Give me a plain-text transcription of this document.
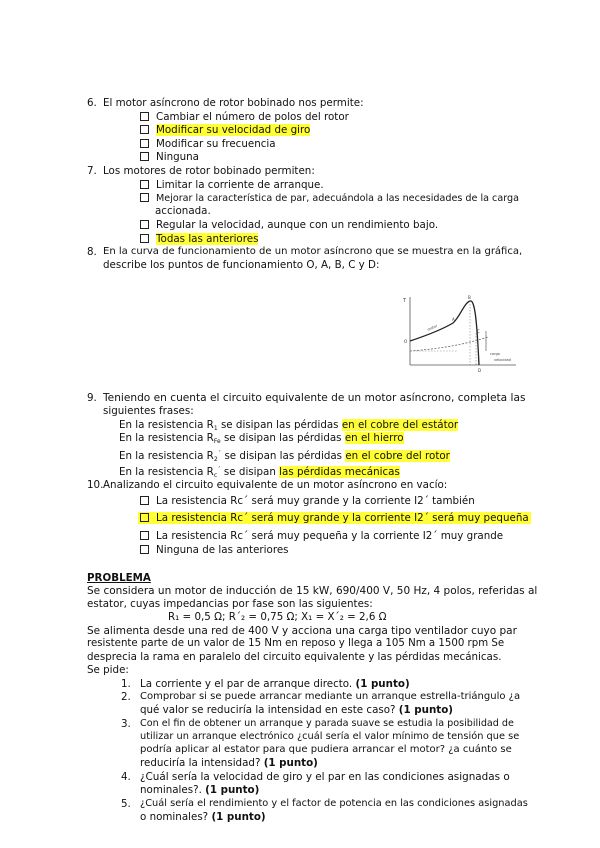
6. El motor asíncrono de rotor bobinado nos permite:
Cambiar el número de polos del rotor
Modificar su velocidad de giro
Modificar su frecuencia
Ninguna
7. Los motores de rotor bobinado permiten:
Limitar la corriente de arranque.
Mejorar la característica de par, adecuándola a las necesidades de la carga
accionada.
Regular la velocidad, aunque con un rendimiento bajo.
Todas las anteriores
8. En la curva de funcionamiento de un motor asíncrono que se muestra en la gráfica,
describe los puntos de funcionamiento O, A, B, C y D:
T
velocidad
motor
carga
O
A
B
C
D
9. Teniendo en cuenta el circuito equivalente de un motor asíncrono, completa las
siguientes frases:
En la resistencia $R_1$ se disipan las pérdidas en el cobre del estátor
En la resistencia $R_{Fe}$ se disipan las pérdidas en el hierro
En la resistencia $R_2^´$ se disipan las pérdidas en el cobre del rotor
En la resistencia $R_c^´$ se disipan las pérdidas mecánicas
10. Analizando el circuito equivalente de un motor asíncrono en vacío:
La resistencia Rc´ será muy grande y la corriente I2´ también
La resistencia Rc´ será muy grande y la corriente I2´ será muy pequeña
La resistencia Rc´ será muy pequeña y la corriente I2´ muy grande
Ninguna de las anteriores
PROBLEMA
Se considera un motor de inducción de 15 kW, 690/400 V, 50 Hz, 4 polos, referidas al
estator, cuyas impedancias por fase son las siguientes:
R₁ = 0,5 Ω; R´₂ = 0,75 Ω; X₁ = X´₂ = 2,6 Ω
Se alimenta desde una red de 400 V y acciona una carga tipo ventilador cuyo par
resistente parte de un valor de 15 Nm en reposo y llega a 105 Nm a 1500 rpm Se
desprecia la rama en paralelo del circuito equivalente y las pérdidas mecánicas.
Se pide:
1. La corriente y el par de arranque directo. (1 punto)
2. Comprobar si se puede arrancar mediante un arranque estrella-triángulo ¿a
qué valor se reduciría la intensidad en este caso? (1 punto)
3. Con el fin de obtener un arranque y parada suave se estudia la posibilidad de
utilizar un arranque electrónico ¿cuál sería el valor mínimo de tensión que se
podría aplicar al estator para que pudiera arrancar el motor? ¿a cuánto se
reduciría la intensidad? (1 punto)
4. ¿Cuál sería la velocidad de giro y el par en las condiciones asignadas o
nominales?. (1 punto)
5. ¿Cuál sería el rendimiento y el factor de potencia en las condiciones asignadas
o nominales? (1 punto)
